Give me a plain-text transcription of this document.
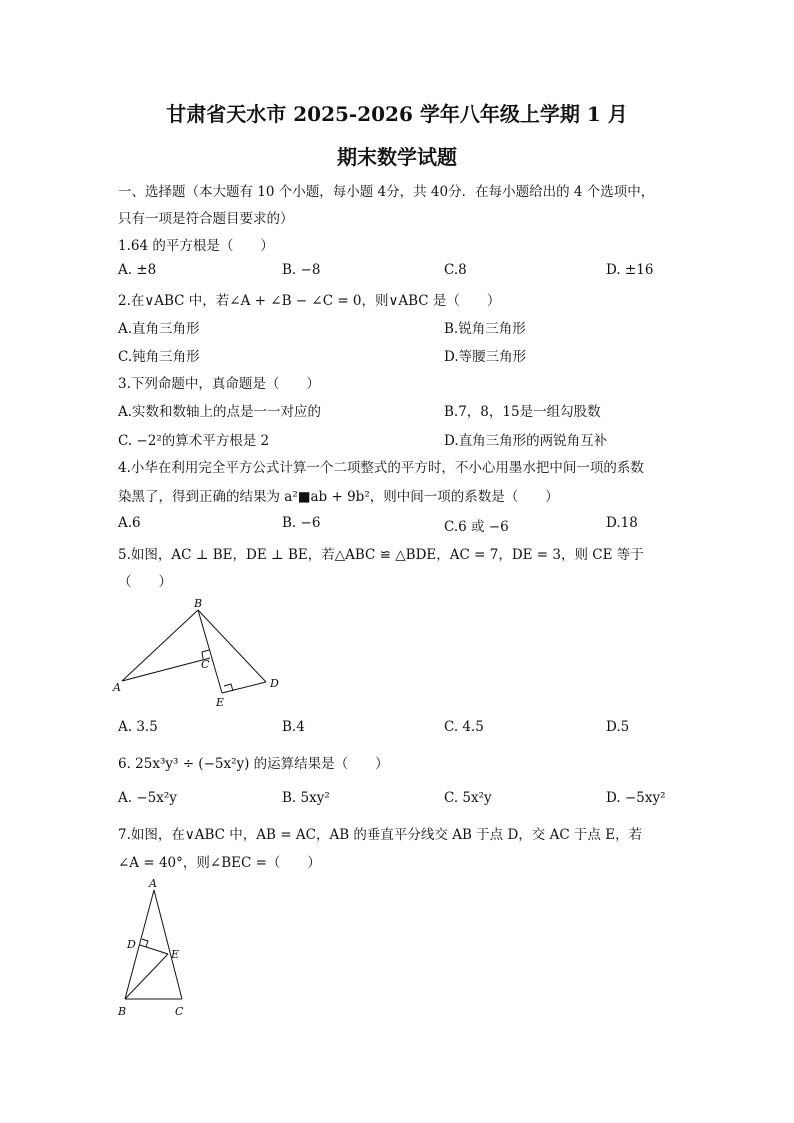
甘肃省天水市 2025-2026 学年八年级上学期 1 月
期末数学试题
一、选择题（本大题有 10 个小题，每小题 4分，共 40分．在每小题给出的 4 个选项中，
只有一项是符合题目要求的）
1.64 的平方根是（　　）
A. ±8	B. −8	C.8	D. ±16
2.在∨ABC 中，若∠A + ∠B − ∠C = 0，则∨ABC 是（　　）
A.直角三角形	B.锐角三角形
C.钝角三角形	D.等腰三角形
3.下列命题中，真命题是（　　）
A.实数和数轴上的点是一一对应的	B.7，8，15是一组勾股数
C. −2²的算术平方根是 2	D.直角三角形的两锐角互补
4.小华在利用完全平方公式计算一个二项整式的平方时，不小心用墨水把中间一项的系数
染黑了，得到正确的结果为 a²■ab + 9b²，则中间一项的系数是（　　）
A.6	B. −6	C.6 或 −6	D.18
5.如图，AC ⊥ BE，DE ⊥ BE，若△ABC ≌ △BDE，AC = 7，DE = 3，则 CE 等于
（　　）
B
C
A
E
D
A. 3.5	B.4	C. 4.5	D.5
6. 25x³y³ ÷ (−5x²y) 的运算结果是（　　）
A. −5x²y	B. 5xy²	C. 5x²y	D. −5xy²
7.如图，在∨ABC 中，AB = AC，AB 的垂直平分线交 AB 于点 D，交 AC 于点 E，若
∠A = 40°，则∠BEC =（　　）
A
D
E
B	C
